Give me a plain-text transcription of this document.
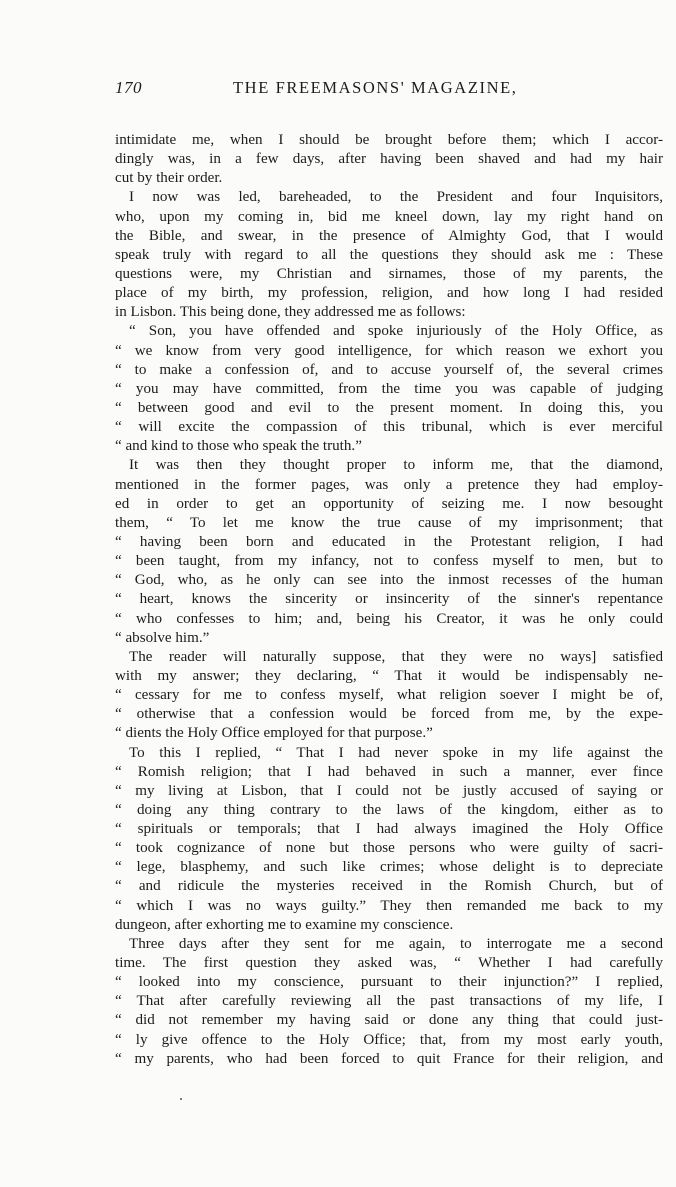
170	THE FREEMASONS' MAGAZINE,
intimidate me, when I should be brought before them; which I accor-
dingly was, in a few days, after having been shaved and had my hair
cut by their order.
I now was led, bareheaded, to the President and four Inquisitors,
who, upon my coming in, bid me kneel down, lay my right hand on
the Bible, and swear, in the presence of Almighty God, that I would
speak truly with regard to all the questions they should ask me : These
questions were, my Christian and sirnames, those of my parents, the
place of my birth, my profession, religion, and how long I had resided
in Lisbon. This being done, they addressed me as follows:
“ Son, you have offended and spoke injuriously of the Holy Office, as
“ we know from very good intelligence, for which reason we exhort you
“ to make a confession of, and to accuse yourself of, the several crimes
“ you may have committed, from the time you was capable of judging
“ between good and evil to the present moment. In doing this, you
“ will excite the compassion of this tribunal, which is ever merciful
“ and kind to those who speak the truth.”
It was then they thought proper to inform me, that the diamond,
mentioned in the former pages, was only a pretence they had employ-
ed in order to get an opportunity of seizing me. I now besought
them, “ To let me know the true cause of my imprisonment; that
“ having been born and educated in the Protestant religion, I had
“ been taught, from my infancy, not to confess myself to men, but to
“ God, who, as he only can see into the inmost recesses of the human
“ heart, knows the sincerity or insincerity of the sinner's repentance
“ who confesses to him; and, being his Creator, it was he only could
“ absolve him.”
The reader will naturally suppose, that they were no ways] satisfied
with my answer; they declaring, “ That it would be indispensably ne-
“ cessary for me to confess myself, what religion soever I might be of,
“ otherwise that a confession would be forced from me, by the expe-
“ dients the Holy Office employed for that purpose.”
To this I replied, “ That I had never spoke in my life against the
“ Romish religion; that I had behaved in such a manner, ever fince
“ my living at Lisbon, that I could not be justly accused of saying or
“ doing any thing contrary to the laws of the kingdom, either as to
“ spirituals or temporals; that I had always imagined the Holy Office
“ took cognizance of none but those persons who were guilty of sacri-
“ lege, blasphemy, and such like crimes; whose delight is to depreciate
“ and ridicule the mysteries received in the Romish Church, but of
“ which I was no ways guilty.” They then remanded me back to my
dungeon, after exhorting me to examine my conscience.
Three days after they sent for me again, to interrogate me a second
time. The first question they asked was, “ Whether I had carefully
“ looked into my conscience, pursuant to their injunction?” I replied,
“ That after carefully reviewing all the past transactions of my life, I
“ did not remember my having said or done any thing that could just-
“ ly give offence to the Holy Office; that, from my most early youth,
“ my parents, who had been forced to quit France for their religion, and
